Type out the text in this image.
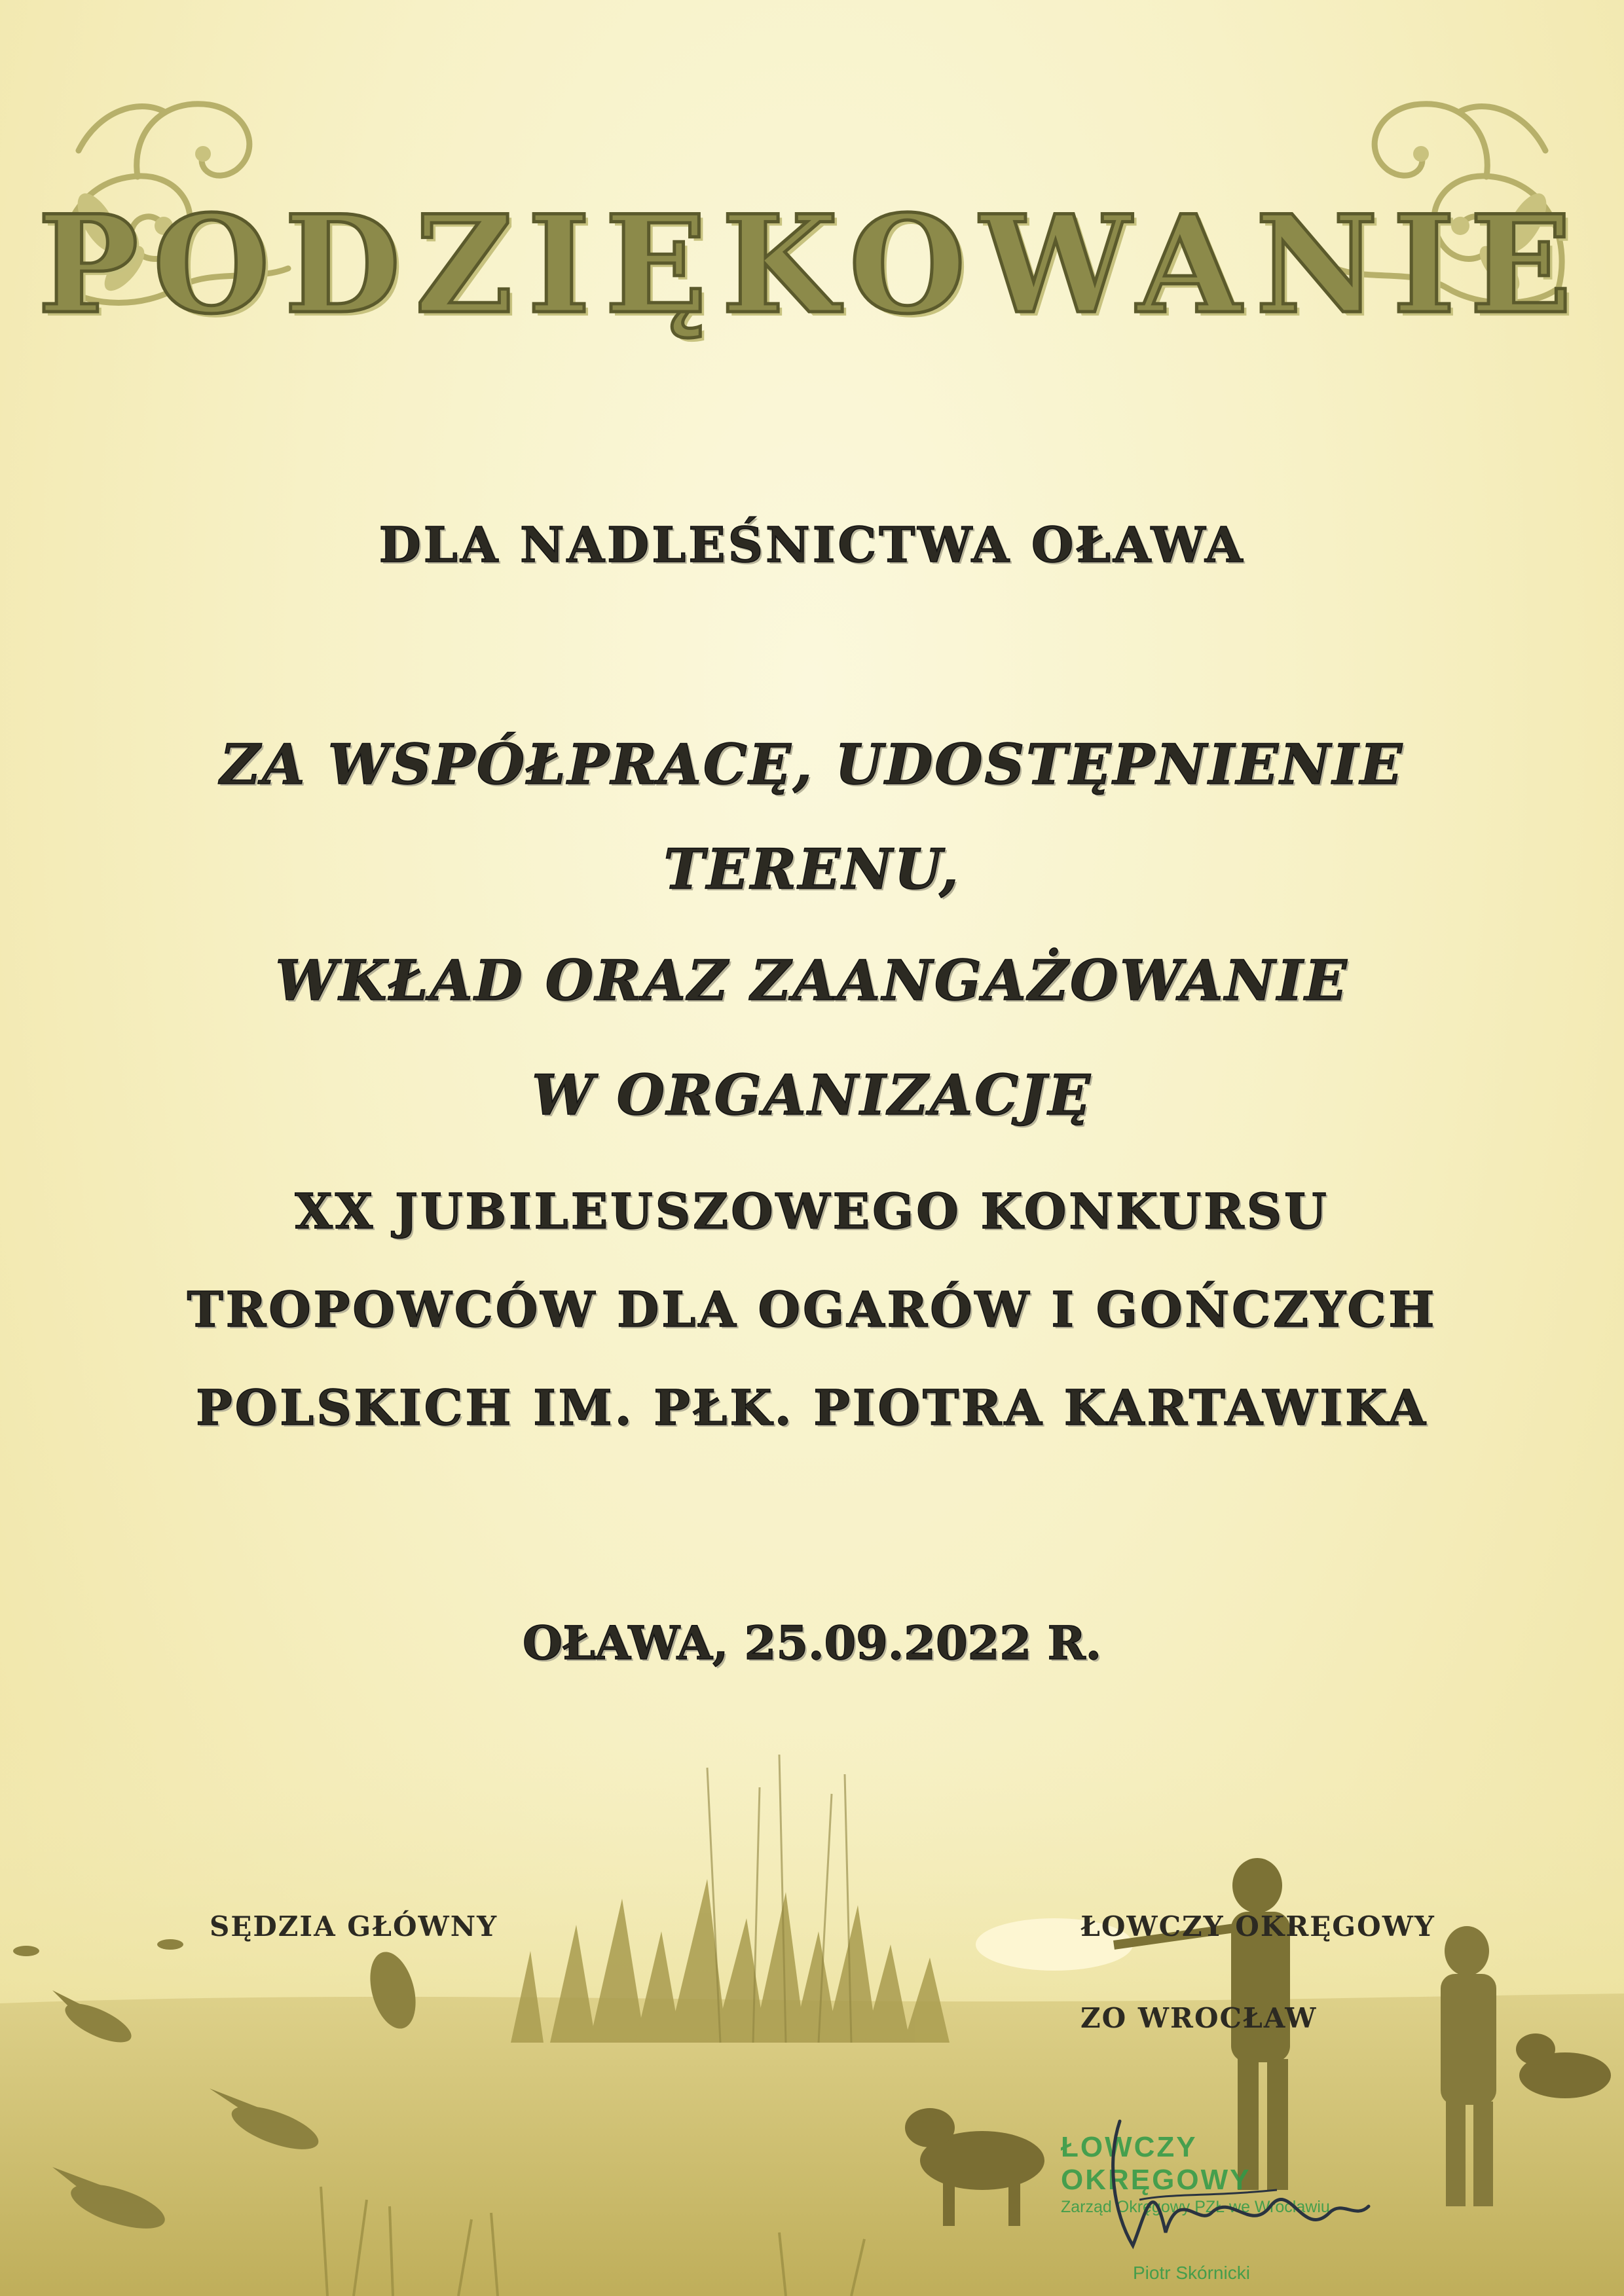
PODZIĘKOWANIE
DLA NADLEŚNICTWA OŁAWA
ZA WSPÓŁPRACĘ, UDOSTĘPNIENIE
TERENU,
WKŁAD ORAZ ZAANGAŻOWANIE
W ORGANIZACJĘ
XX JUBILEUSZOWEGO KONKURSU
TROPOWCÓW DLA OGARÓW I GOŃCZYCH
POLSKICH IM. PŁK. PIOTRA KARTAWIKA
OŁAWA, 25.09.2022 R.
SĘDZIA GŁÓWNY	ŁOWCZY OKRĘGOWY
ZO WROCŁAW
ŁOWCZY OKRĘGOWY
Zarząd Okręgowy PZŁ we Wrocławiu
Piotr Skórnicki
